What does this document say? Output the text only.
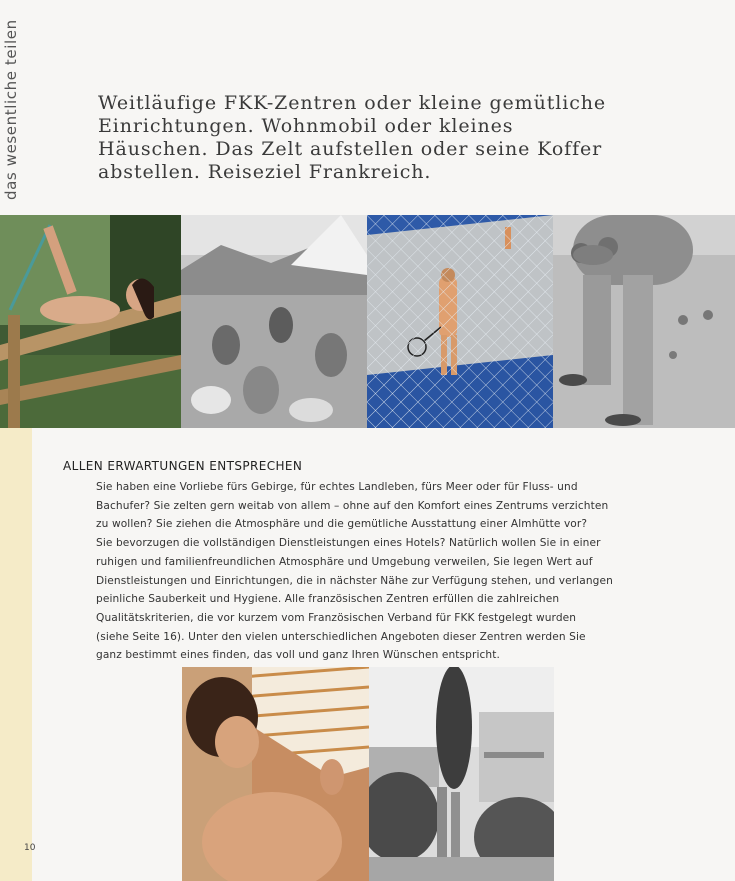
das wesentliche teilen	Weitläufige FKK-Zentren oder kleine gemütliche
Einrichtungen. Wohnmobil oder kleines
Häuschen. Das Zelt aufstellen oder seine Koffer
abstellen. Reiseziel Frankreich.
ALLEN ERWARTUNGEN ENTSPRECHEN

Sie haben eine Vorliebe fürs Gebirge, für echtes Landleben, fürs Meer oder für Fluss- und
Bachufer? Sie zelten gern weitab von allem – ohne auf den Komfort eines Zentrums verzichten
zu wollen? Sie ziehen die Atmosphäre und die gemütliche Ausstattung einer Almhütte vor?
Sie bevorzugen die vollständigen Dienstleistungen eines Hotels? Natürlich wollen Sie in einer
ruhigen und familienfreundlichen Atmosphäre und Umgebung verweilen, Sie legen Wert auf
Dienstleistungen und Einrichtungen, die in nächster Nähe zur Verfügung stehen, und verlangen
peinliche Sauberkeit und Hygiene. Alle französischen Zentren erfüllen die zahlreichen
Qualitätskriterien, die vor kurzem vom Französischen Verband für FKK festgelegt wurden
(siehe Seite 16). Unter den vielen unterschiedlichen Angeboten dieser Zentren werden Sie
ganz bestimmt eines finden, das voll und ganz Ihren Wünschen entspricht.

10
